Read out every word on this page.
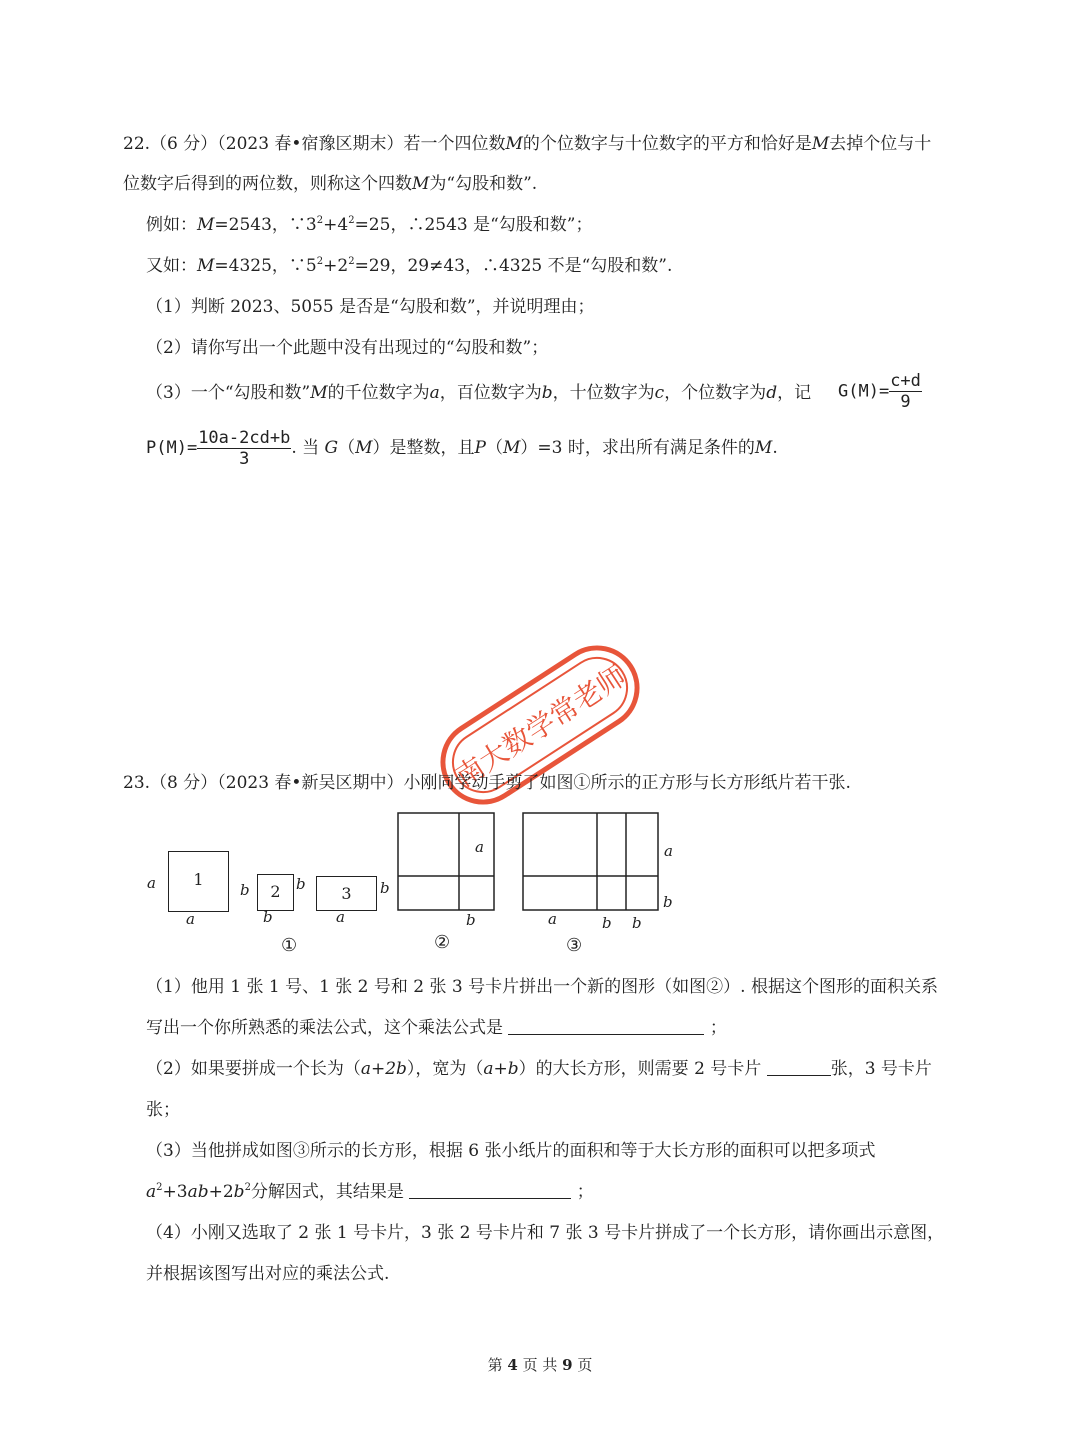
22.（6 分）（2023 春•宿豫区期末）若一个四位数M的个位数字与十位数字的平方和恰好是M去掉个位与十
位数字后得到的两位数，则称这个四数M为“勾股和数”.
例如：M=2543，$\because 3^2+4^2=25$，∴2543 是“勾股和数”；
又如：M=4325，$\because 5^2+2^2=29$，29≠43，∴4325 不是“勾股和数”.
（1）判断 2023、5055 是否是“勾股和数”，并说明理由；
（2）请你写出一个此题中没有出现过的“勾股和数”；
（3）一个“勾股和数”M的千位数字为a，百位数字为b，十位数字为c，个位数字为d，记 $G(M)= \frac{c+d}{9}$
$P(M)= \frac{10a-2cd+b}{3}$ . 当 G（M）是整数，且P（M）=3 时，求出所有满足条件的M.
南大数学常老师
23.（8 分）（2023 春•新吴区期中）小刚同学动手剪了如图①所示的正方形与长方形纸片若干张.
1
a
a
2
b	b
b
3	b
a
①
a
b
②
a
b
a	b b
③
（1）他用 1 张 1 号、1 张 2 号和 2 张 3 号卡片拼出一个新的图形（如图②）. 根据这个图形的面积关系
写出一个你所熟悉的乘法公式，这个乘法公式是	；
（2）如果要拼成一个长为（a+2b），宽为（a+b）的大长方形，则需要 2 号卡片	张，3 号卡片
张；
（3）当他拼成如图③所示的长方形，根据 6 张小纸片的面积和等于大长方形的面积可以把多项式
$a^2+3ab+2b^2$分解因式，其结果是	；
（4）小刚又选取了 2 张 1 号卡片，3 张 2 号卡片和 7 张 3 号卡片拼成了一个长方形，请你画出示意图，
并根据该图写出对应的乘法公式.
第 4 页 共 9 页
